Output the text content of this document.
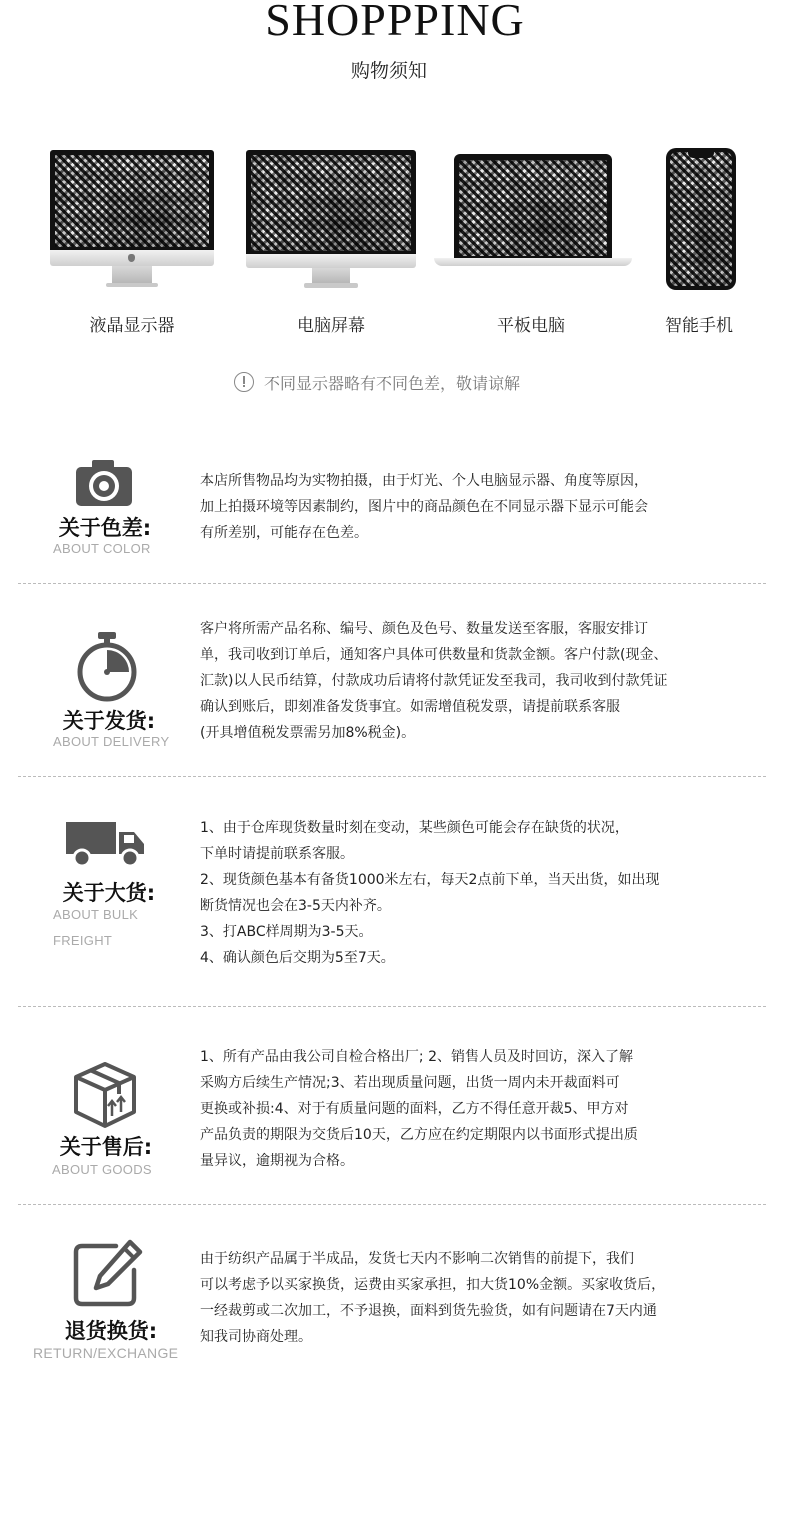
SHOPPPING
购物须知
液晶显示器	电脑屏幕	平板电脑	智能手机
不同显示器略有不同色差，敬请谅解
关于色差:
ABOUT COLOR
本店所售物品均为实物拍摄，由于灯光、个人电脑显示器、角度等原因，
加上拍摄环境等因素制约，图片中的商品颜色在不同显示器下显示可能会
有所差别，可能存在色差。
关于发货:
ABOUT DELIVERY
客户将所需产品名称、编号、颜色及色号、数量发送至客服，客服安排订
单，我司收到订单后，通知客户具体可供数量和货款金额。客户付款(现金、
汇款)以人民币结算，付款成功后请将付款凭证发至我司，我司收到付款凭证
确认到账后，即刻准备发货事宜。如需增值税发票，请提前联系客服
(开具增值税发票需另加8%税金)。
关于大货:
ABOUT BULK
FREIGHT
1、由于仓库现货数量时刻在变动，某些颜色可能会存在缺货的状况，
下单时请提前联系客服。
2、现货颜色基本有备货1000米左右，每天2点前下单，当天出货，如出现
断货情况也会在3-5天内补齐。
3、打ABC样周期为3-5天。
4、确认颜色后交期为5至7天。
关于售后:
ABOUT GOODS
1、所有产品由我公司自检合格出厂; 2、销售人员及时回访，深入了解
采购方后续生产情况;3、若出现质量问题，出货一周内未开裁面料可
更换或补损:4、对于有质量问题的面料，乙方不得任意开裁5、甲方对
产品负责的期限为交货后10天，乙方应在约定期限内以书面形式提出质
量异议，逾期视为合格。
退货换货:
RETURN/EXCHANGE
由于纺织产品属于半成品，发货七天内不影响二次销售的前提下，我们
可以考虑予以买家换货，运费由买家承担，扣大货10%金额。买家收货后，
一经裁剪或二次加工，不予退换，面料到货先验货，如有问题请在7天内通
知我司协商处理。
